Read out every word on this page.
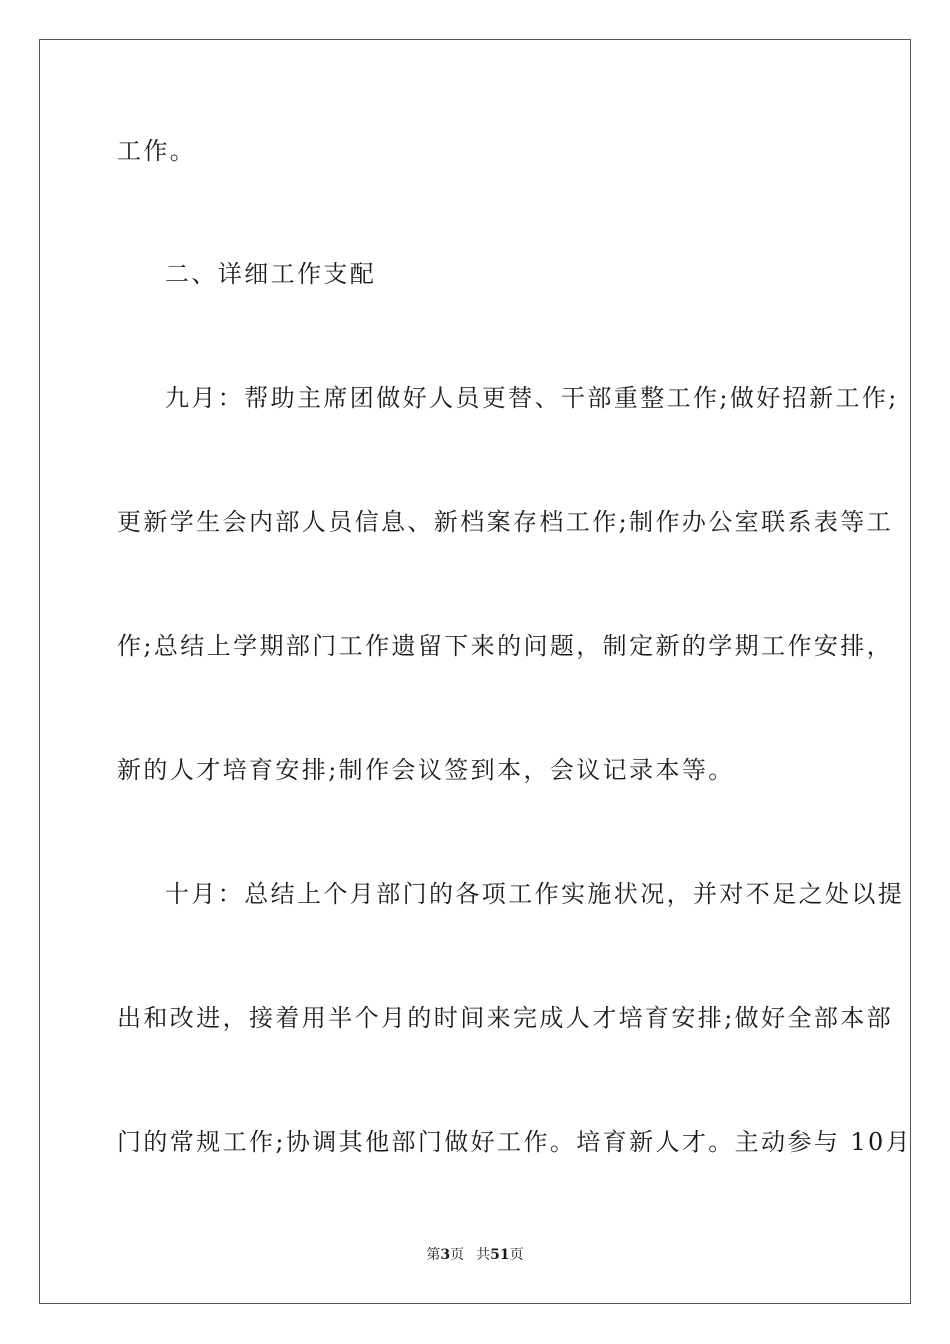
工作。
二、详细工作支配
九月：帮助主席团做好人员更替、干部重整工作;做好招新工作;
更新学生会内部人员信息、新档案存档工作;制作办公室联系表等工
作;总结上学期部门工作遗留下来的问题，制定新的学期工作安排，
新的人才培育安排;制作会议签到本，会议记录本等。
十月：总结上个月部门的各项工作实施状况，并对不足之处以提
出和改进，接着用半个月的时间来完成人才培育安排;做好全部本部
门的常规工作;协调其他部门做好工作。培育新人才。主动参与 10月
第3页 共51页
